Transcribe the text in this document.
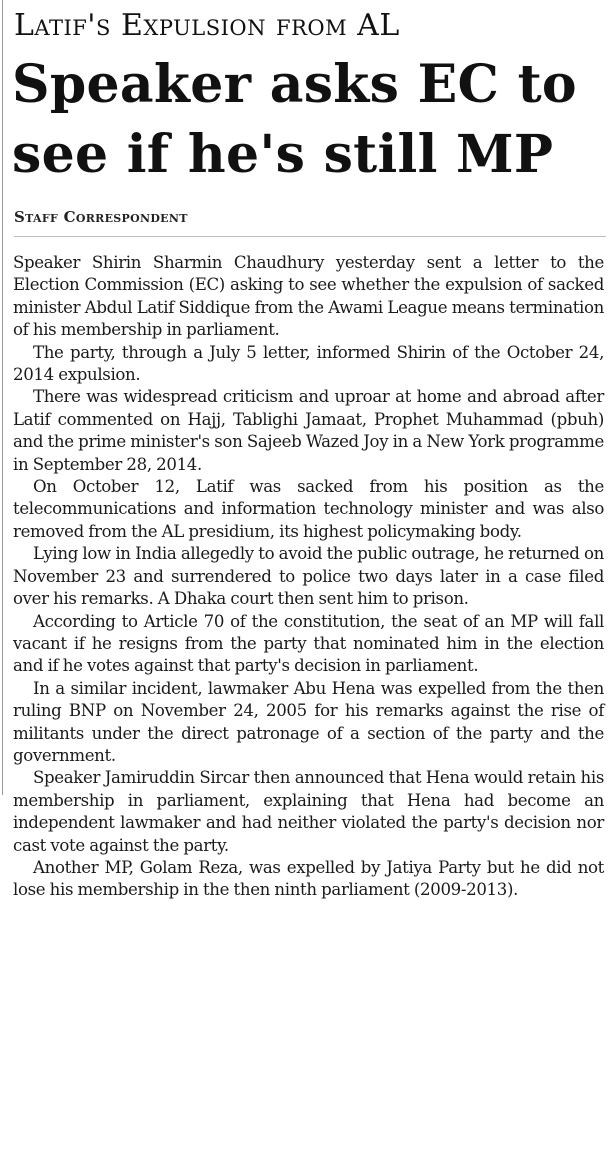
Latif's Expulsion from AL
Speaker asks EC to see if he's still MP
Staff Correspondent

Speaker Shirin Sharmin Chaudhury yesterday sent a letter to the Election Commission (EC) asking to see whether the expulsion of sacked minister Abdul Latif Siddique from the Awami League means termination of his membership in parliament.

The party, through a July 5 letter, informed Shirin of the October 24, 2014 expulsion.

There was widespread criticism and uproar at home and abroad after Latif commented on Hajj, Tablighi Jamaat, Prophet Muhammad (pbuh) and the prime minister's son Sajeeb Wazed Joy in a New York programme in September 28, 2014.

On October 12, Latif was sacked from his position as the telecommunications and information technology minister and was also removed from the AL presidium, its highest policymaking body.

Lying low in India allegedly to avoid the public outrage, he returned on November 23 and surrendered to police two days later in a case filed over his remarks. A Dhaka court then sent him to prison.

According to Article 70 of the constitution, the seat of an MP will fall vacant if he resigns from the party that nominated him in the election and if he votes against that party's decision in parliament.

In a similar incident, lawmaker Abu Hena was expelled from the then ruling BNP on November 24, 2005 for his remarks against the rise of militants under the direct patronage of a section of the party and the government.

Speaker Jamiruddin Sircar then announced that Hena would retain his membership in parliament, explaining that Hena had become an independent lawmaker and had neither violated the party's decision nor cast vote against the party.

Another MP, Golam Reza, was expelled by Jatiya Party but he did not lose his membership in the then ninth parliament (2009-2013).
